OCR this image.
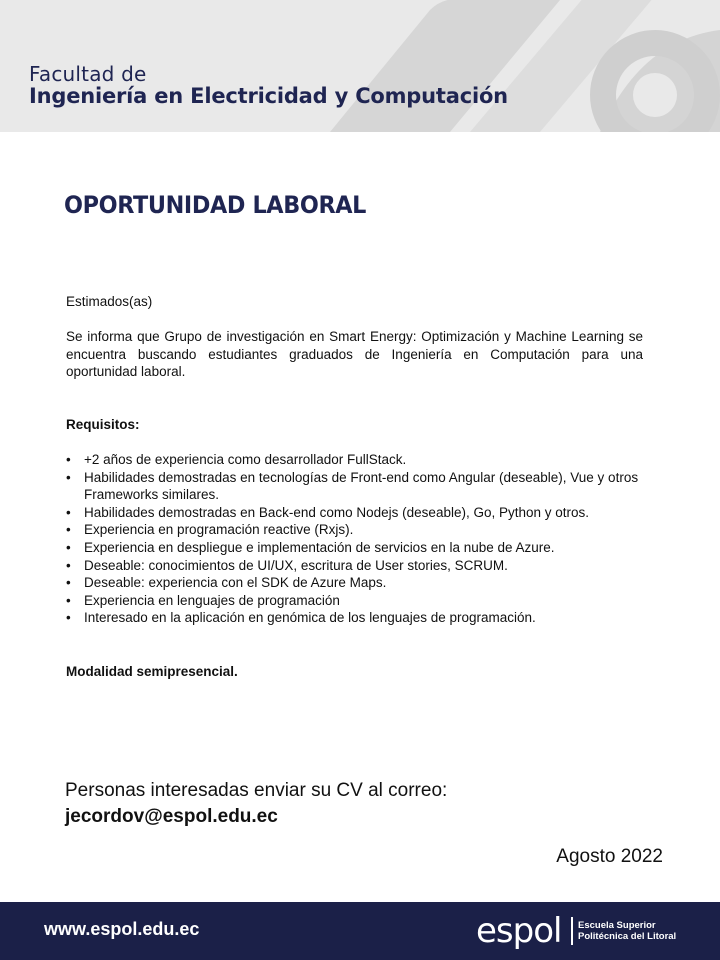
Facultad de
Ingeniería en Electricidad y Computación
OPORTUNIDAD LABORAL
Estimados(as)
Se informa que Grupo de investigación en Smart Energy: Optimización y Machine Learning se encuentra buscando estudiantes graduados de Ingeniería en Computación para una oportunidad laboral.
Requisitos:
• +2 años de experiencia como desarrollador FullStack.
• Habilidades demostradas en tecnologías de Front-end como Angular (deseable), Vue y otros Frameworks similares.
• Habilidades demostradas en Back-end como Nodejs (deseable), Go, Python y otros.
• Experiencia en programación reactive (Rxjs).
• Experiencia en despliegue e implementación de servicios en la nube de Azure.
• Deseable: conocimientos de UI/UX, escritura de User stories, SCRUM.
• Deseable: experiencia con el SDK de Azure Maps.
• Experiencia en lenguajes de programación
• Interesado en la aplicación en genómica de los lenguajes de programación.
Modalidad semipresencial.
Personas interesadas enviar su CV al correo:
jecordov@espol.edu.ec
Agosto 2022
www.espol.edu.ec	espol Escuela Superior
Politécnica del Litoral
